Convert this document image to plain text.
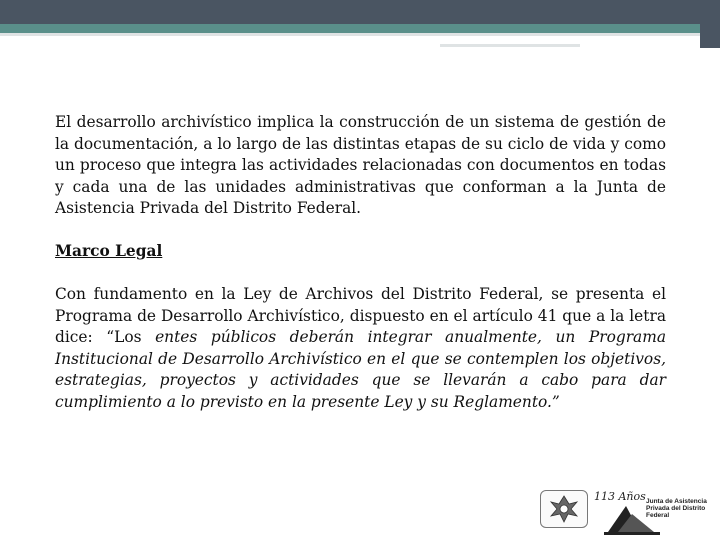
El desarrollo archivístico implica la construcción de un sistema de gestión de la documentación, a lo largo de las distintas etapas de su ciclo de vida y como un proceso que integra las actividades relacionadas con documentos en todas y cada una de las unidades administrativas que conforman a la Junta de Asistencia Privada del Distrito Federal.

Marco Legal

Con fundamento en la Ley de Archivos del Distrito Federal, se presenta el Programa de Desarrollo Archivístico, dispuesto en el artículo 41 que a la letra dice: “Los entes públicos deberán integrar anualmente, un Programa Institucional de Desarrollo Archivístico en el que se contemplen los objetivos, estrategias, proyectos y actividades que se llevarán a cabo para dar cumplimiento a lo previsto en la presente Ley y su Reglamento.”

113 Años Junta de Asistencia Privada del Distrito Federal
